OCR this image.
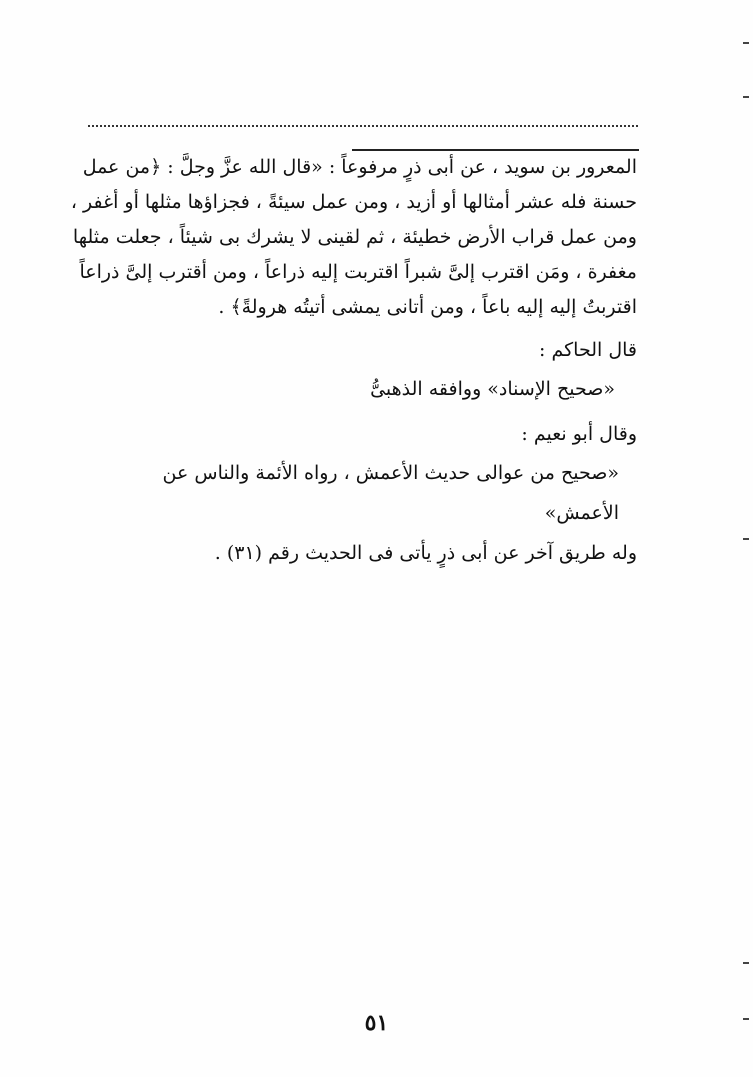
المعرور بن سويد ، عن أبى ذرٍ مرفوعاً : «قال الله عزَّ وجلَّ : ﴿من عمل
حسنة فله عشر أمثالها أو أزيد ، ومن عمل سيئةً ، فجزاؤها مثلها أو أغفر ،
ومن عمل قراب الأرض خطيئة ، ثم لقينى لا يشرك بى شيئاً ، جعلت مثلها
مغفرة ، ومَن اقترب إلىَّ شبراً اقتربت إليه ذراعاً ، ومن أقترب إلىَّ ذراعاً
اقتربتُ إليه إليه باعاً ، ومن أتانى يمشى أتيتُه هرولةً﴾ .

قال الحاكم :

«صحيح الإسناد» ووافقه الذهبىُّ

وقال أبو نعيم :

«صحيح من عوالى حديث الأعمش ، رواه الأئمة والناس عن الأعمش»

وله طريق آخر عن أبى ذرٍ يأتى فى الحديث رقم (٣١) .

٥١
